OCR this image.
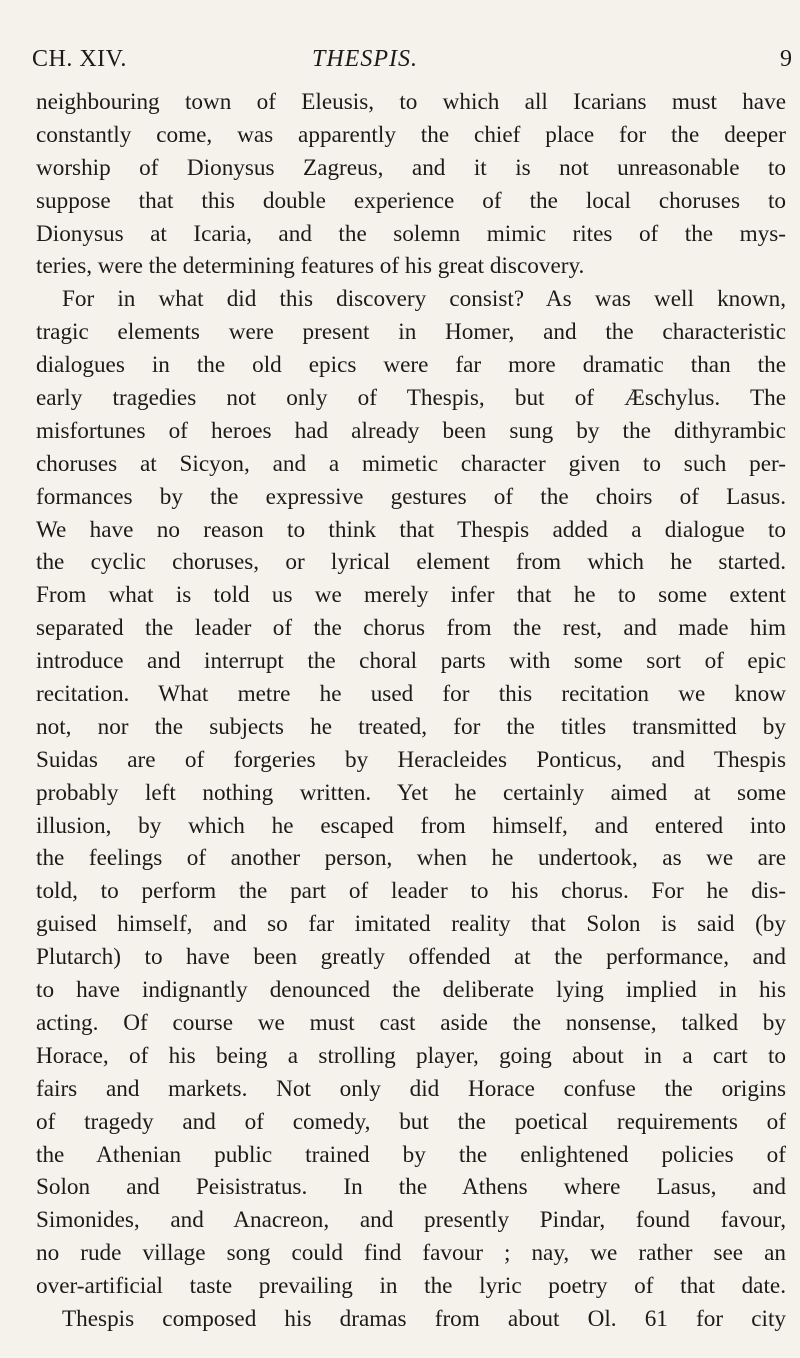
CH. XIV.	THESPIS.	9
neighbouring town of Eleusis, to which all Icarians must have
constantly come, was apparently the chief place for the deeper
worship of Dionysus Zagreus, and it is not unreasonable to
suppose that this double experience of the local choruses to
Dionysus at Icaria, and the solemn mimic rites of the mys-
teries, were the determining features of his great discovery.
For in what did this discovery consist? As was well known,
tragic elements were present in Homer, and the characteristic
dialogues in the old epics were far more dramatic than the
early tragedies not only of Thespis, but of Æschylus. The
misfortunes of heroes had already been sung by the dithyrambic
choruses at Sicyon, and a mimetic character given to such per-
formances by the expressive gestures of the choirs of Lasus.
We have no reason to think that Thespis added a dialogue to
the cyclic choruses, or lyrical element from which he started.
From what is told us we merely infer that he to some extent
separated the leader of the chorus from the rest, and made him
introduce and interrupt the choral parts with some sort of epic
recitation. What metre he used for this recitation we know
not, nor the subjects he treated, for the titles transmitted by
Suidas are of forgeries by Heracleides Ponticus, and Thespis
probably left nothing written. Yet he certainly aimed at some
illusion, by which he escaped from himself, and entered into
the feelings of another person, when he undertook, as we are
told, to perform the part of leader to his chorus. For he dis-
guised himself, and so far imitated reality that Solon is said (by
Plutarch) to have been greatly offended at the performance, and
to have indignantly denounced the deliberate lying implied in his
acting. Of course we must cast aside the nonsense, talked by
Horace, of his being a strolling player, going about in a cart to
fairs and markets. Not only did Horace confuse the origins
of tragedy and of comedy, but the poetical requirements of
the Athenian public trained by the enlightened policies of
Solon and Peisistratus. In the Athens where Lasus, and
Simonides, and Anacreon, and presently Pindar, found favour,
no rude village song could find favour ; nay, we rather see an
over-artificial taste prevailing in the lyric poetry of that date.
Thespis composed his dramas from about Ol. 61 for city
